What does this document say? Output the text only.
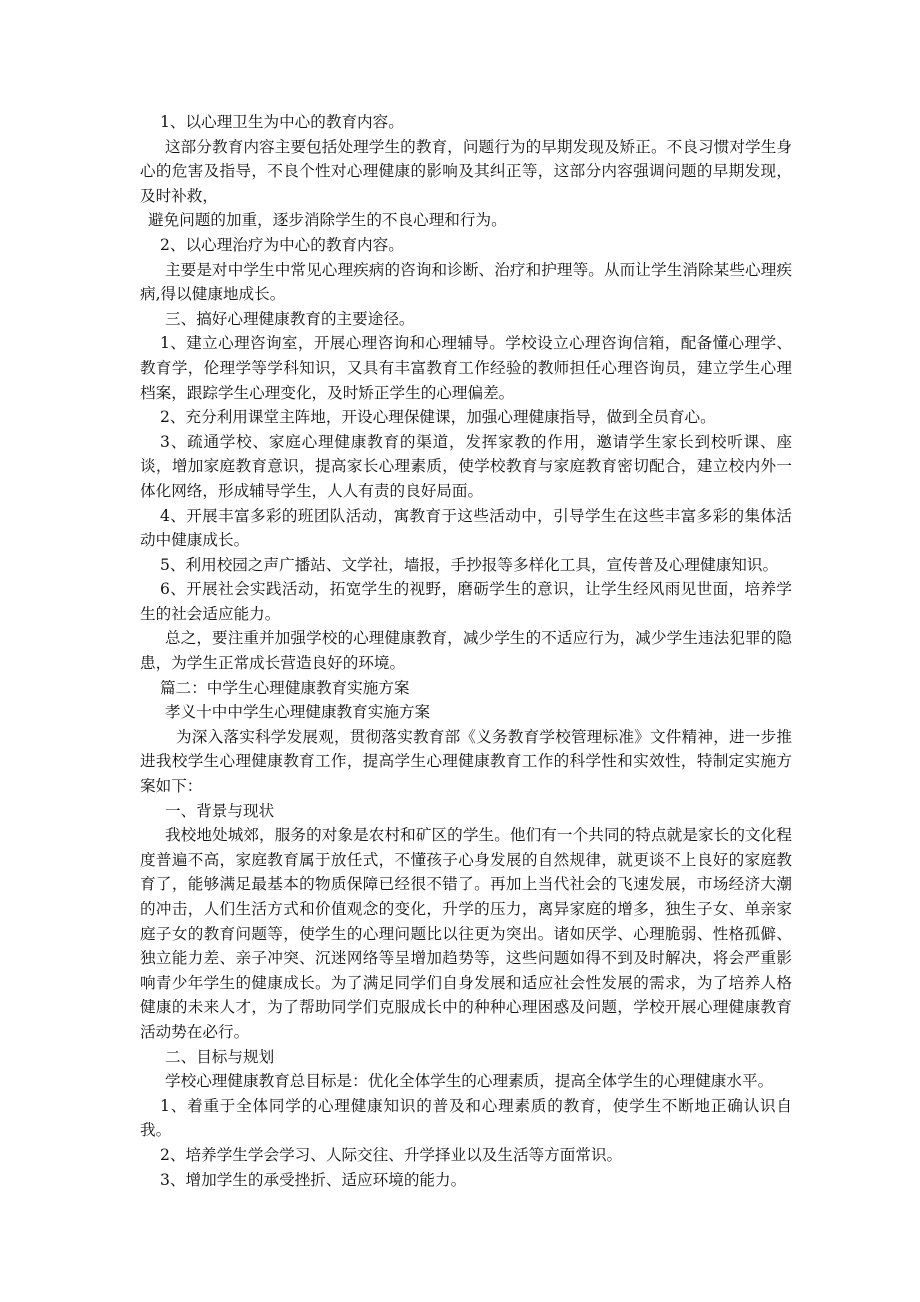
1、以心理卫生为中心的教育内容。

这部分教育内容主要包括处理学生的教育，问题行为的早期发现及矫正。不良习惯对学生身心的危害及指导，不良个性对心理健康的影响及其纠正等，这部分内容强调问题的早期发现，及时补救，

避免问题的加重，逐步消除学生的不良心理和行为。

2、以心理治疗为中心的教育内容。

主要是对中学生中常见心理疾病的咨询和诊断、治疗和护理等。从而让学生消除某些心理疾病,得以健康地成长。

三、搞好心理健康教育的主要途径。

1、建立心理咨询室，开展心理咨询和心理辅导。学校设立心理咨询信箱，配备懂心理学、教育学，伦理学等学科知识，又具有丰富教育工作经验的教师担任心理咨询员，建立学生心理档案，跟踪学生心理变化，及时矫正学生的心理偏差。

2、充分利用课堂主阵地，开设心理保健课，加强心理健康指导，做到全员育心。

3、疏通学校、家庭心理健康教育的渠道，发挥家教的作用，邀请学生家长到校听课、座谈，增加家庭教育意识，提高家长心理素质，使学校教育与家庭教育密切配合，建立校内外一体化网络，形成辅导学生，人人有责的良好局面。

4、开展丰富多彩的班团队活动，寓教育于这些活动中，引导学生在这些丰富多彩的集体活动中健康成长。

5、利用校园之声广播站、文学社，墙报，手抄报等多样化工具，宣传普及心理健康知识。

6、开展社会实践活动，拓宽学生的视野，磨砺学生的意识，让学生经风雨见世面，培养学生的社会适应能力。

总之，要注重并加强学校的心理健康教育，减少学生的不适应行为，减少学生违法犯罪的隐患，为学生正常成长营造良好的环境。

篇二：中学生心理健康教育实施方案

孝义十中中学生心理健康教育实施方案

为深入落实科学发展观，贯彻落实教育部《义务教育学校管理标准》文件精神，进一步推进我校学生心理健康教育工作，提高学生心理健康教育工作的科学性和实效性，特制定实施方案如下：

一、背景与现状

我校地处城郊，服务的对象是农村和矿区的学生。他们有一个共同的特点就是家长的文化程度普遍不高，家庭教育属于放任式，不懂孩子心身发展的自然规律，就更谈不上良好的家庭教育了，能够满足最基本的物质保障已经很不错了。再加上当代社会的飞速发展，市场经济大潮的冲击，人们生活方式和价值观念的变化，升学的压力，离异家庭的增多，独生子女、单亲家庭子女的教育问题等，使学生的心理问题比以往更为突出。诸如厌学、心理脆弱、性格孤僻、独立能力差、亲子冲突、沉迷网络等呈增加趋势等，这些问题如得不到及时解决，将会严重影响青少年学生的健康成长。为了满足同学们自身发展和适应社会性发展的需求，为了培养人格健康的未来人才，为了帮助同学们克服成长中的种种心理困惑及问题，学校开展心理健康教育活动势在必行。

二、目标与规划

学校心理健康教育总目标是：优化全体学生的心理素质，提高全体学生的心理健康水平。

1、着重于全体同学的心理健康知识的普及和心理素质的教育，使学生不断地正确认识自我。

2、培养学生学会学习、人际交往、升学择业以及生活等方面常识。

3、增加学生的承受挫折、适应环境的能力。
